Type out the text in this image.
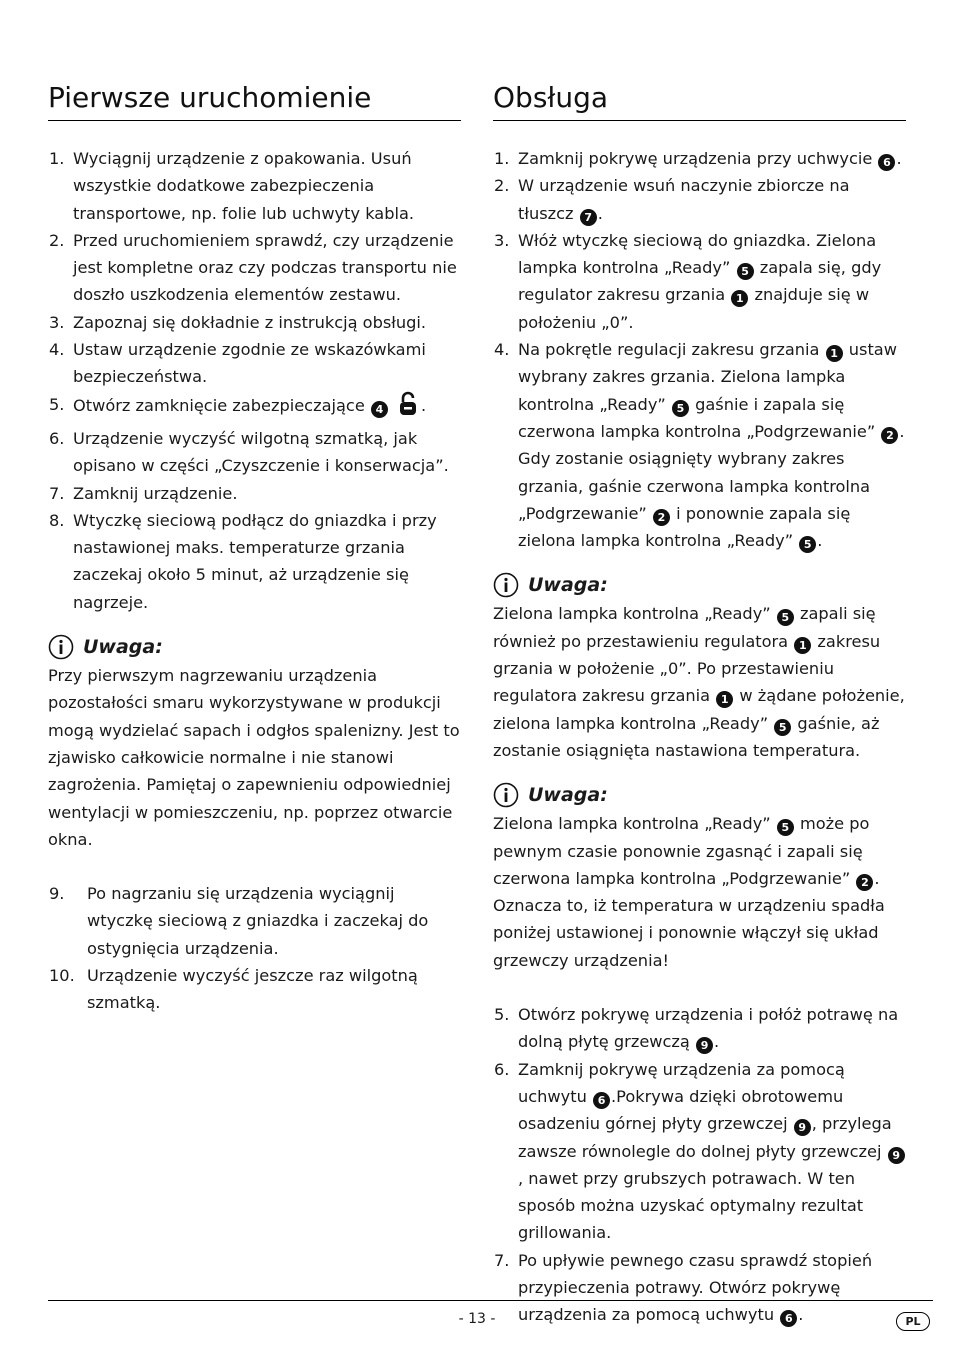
Pierwsze uruchomienie
1. Wyciągnij urządzenie z opakowania. Usuń wszystkie dodatkowe zabezpieczenia transportowe, np. folie lub uchwyty kabla.
2. Przed uruchomieniem sprawdź, czy urządzenie jest kompletne oraz czy podczas transportu nie doszło uszkodzenia elementów zestawu.
3. Zapoznaj się dokładnie z instrukcją obsługi.
4. Ustaw urządzenie zgodnie ze wskazówkami bezpieczeństwa.
5. Otwórz zamknięcie zabezpieczające 4 .
6. Urządzenie wyczyść wilgotną szmatką, jak opisano w części „Czyszczenie i konserwacja”.
7. Zamknij urządzenie.
8. Wtyczkę sieciową podłącz do gniazdka i przy nastawionej maks. temperaturze grzania zaczekaj około 5 minut, aż urządzenie się nagrzeje.
Uwaga:

Przy pierwszym nagrzewaniu urządzenia pozostałości smaru wykorzystywane w produkcji mogą wydzielać sapach i odgłos spalenizny. Jest to zjawisko całkowicie normalne i nie stanowi zagrożenia. Pamiętaj o zapewnieniu odpowiedniej wentylacji w pomieszczeniu, np. poprzez otwarcie okna.

9. Po nagrzaniu się urządzenia wyciągnij wtyczkę sieciową z gniazdka i zaczekaj do ostygnięcia urządzenia.
10. Urządzenie wyczyść jeszcze raz wilgotną szmatką.
Obsługa
1. Zamknij pokrywę urządzenia przy uchwycie 6 .
2. W urządzenie wsuń naczynie zbiorcze na tłuszcz 7 .
3. Włóż wtyczkę sieciową do gniazdka. Zielona lampka kontrolna „Ready” 5 zapala się, gdy regulator zakresu grzania 1 znajduje się w położeniu „0”.
4. Na pokrętle regulacji zakresu grzania 1 ustaw wybrany zakres grzania. Zielona lampka kontrolna „Ready” 5 gaśnie i zapala się czerwona lampka kontrolna „Podgrzewanie” 2 . Gdy zostanie osiągnięty wybrany zakres grzania, gaśnie czerwona lampka kontrolna „Podgrzewanie” 2 i ponownie zapala się zielona lampka kontrolna „Ready” 5 .
Uwaga:

Zielona lampka kontrolna „Ready” 5 zapali się również po przestawieniu regulatora 1 zakresu grzania w położenie „0”. Po przestawieniu regulatora zakresu grzania 1 w żądane położenie, zielona lampka kontrolna „Ready” 5 gaśnie, aż zostanie osiągnięta nastawiona temperatura.

Uwaga:

Zielona lampka kontrolna „Ready” 5 może po pewnym czasie ponownie zgasnąć i zapali się czerwona lampka kontrolna „Podgrzewanie” 2 . Oznacza to, iż temperatura w urządzeniu spadła poniżej ustawionej i ponownie włączył się układ grzewczy urządzenia!

5. Otwórz pokrywę urządzenia i połóż potrawę na dolną płytę grzewczą 9 .
6. Zamknij pokrywę urządzenia za pomocą uchwytu 6 .Pokrywa dzięki obrotowemu osadzeniu górnej płyty grzewczej 9 , przylega zawsze równolegle do dolnej płyty grzewczej 9, nawet przy grubszych potrawach. W ten sposób można uzyskać optymalny rezultat grillowania.
7. Po upływie pewnego czasu sprawdź stopień przypieczenia potrawy. Otwórz pokrywę urządzenia za pomocą uchwytu 6 .
- 13 -	PL
